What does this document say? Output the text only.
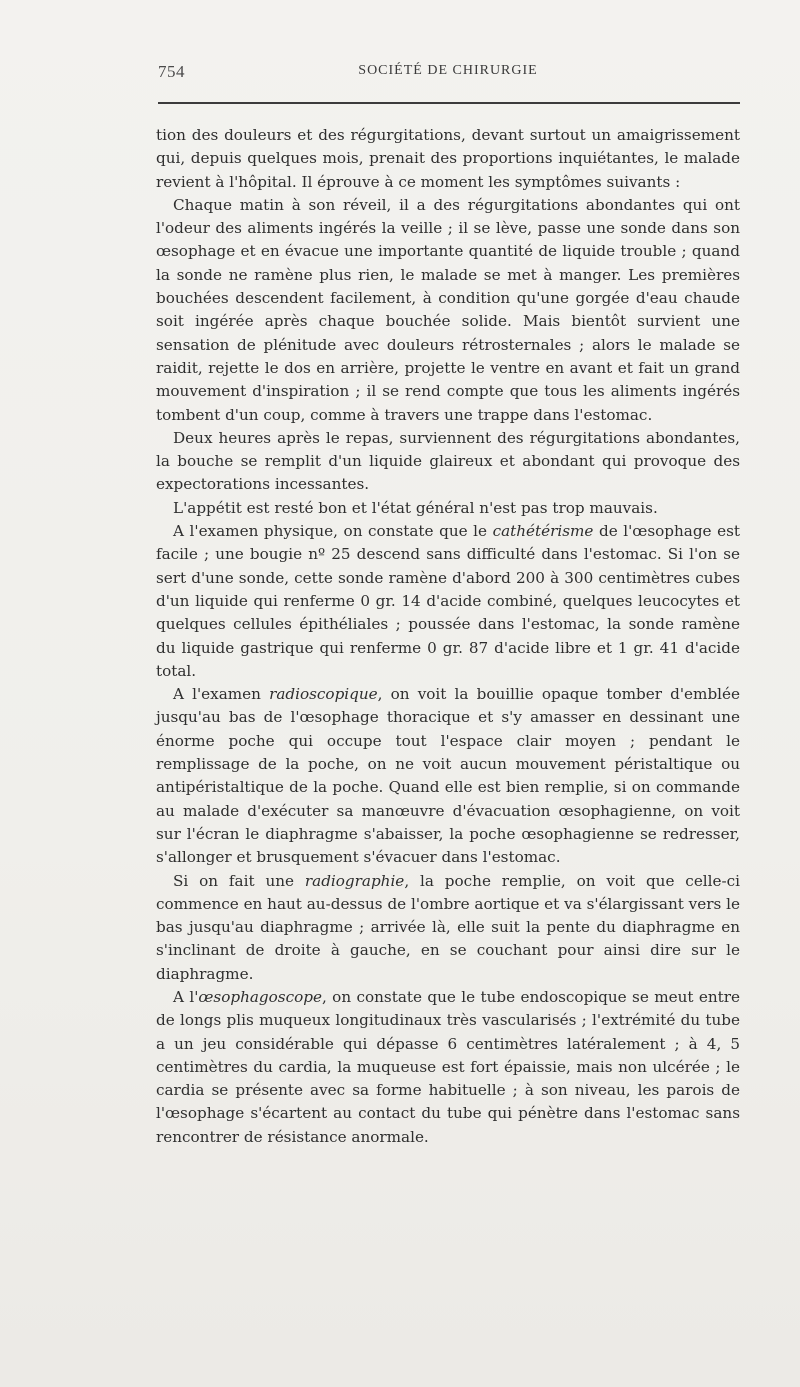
754	SOCIÉTÉ DE CHIRURGIE

tion des douleurs et des régurgitations, devant surtout un amaigrissement qui, depuis quelques mois, prenait des proportions inquiétantes, le malade revient à l'hôpital. Il éprouve à ce moment les symptômes suivants :

Chaque matin à son réveil, il a des régurgitations abondantes qui ont l'odeur des aliments ingérés la veille ; il se lève, passe une sonde dans son œsophage et en évacue une importante quantité de liquide trouble ; quand la sonde ne ramène plus rien, le malade se met à manger. Les premières bouchées descendent facilement, à condition qu'une gorgée d'eau chaude soit ingérée après chaque bouchée solide. Mais bientôt survient une sensation de plénitude avec douleurs rétrosternales ; alors le malade se raidit, rejette le dos en arrière, projette le ventre en avant et fait un grand mouvement d'inspiration ; il se rend compte que tous les aliments ingérés tombent d'un coup, comme à travers une trappe dans l'estomac.

Deux heures après le repas, surviennent des régurgitations abondantes, la bouche se remplit d'un liquide glaireux et abondant qui provoque des expectorations incessantes.

L'appétit est resté bon et l'état général n'est pas trop mauvais.

A l'examen physique, on constate que le cathétérisme de l'œsophage est facile ; une bougie nº 25 descend sans difficulté dans l'estomac. Si l'on se sert d'une sonde, cette sonde ramène d'abord 200 à 300 centimètres cubes d'un liquide qui renferme 0 gr. 14 d'acide combiné, quelques leucocytes et quelques cellules épithéliales ; poussée dans l'estomac, la sonde ramène du liquide gastrique qui renferme 0 gr. 87 d'acide libre et 1 gr. 41 d'acide total.

A l'examen radioscopique, on voit la bouillie opaque tomber d'emblée jusqu'au bas de l'œsophage thoracique et s'y amasser en dessinant une énorme poche qui occupe tout l'espace clair moyen ; pendant le remplissage de la poche, on ne voit aucun mouvement péristaltique ou antipéristaltique de la poche. Quand elle est bien remplie, si on commande au malade d'exécuter sa manœuvre d'évacuation œsophagienne, on voit sur l'écran le diaphragme s'abaisser, la poche œsophagienne se redresser, s'allonger et brusquement s'évacuer dans l'estomac.

Si on fait une radiographie, la poche remplie, on voit que celle-ci commence en haut au-dessus de l'ombre aortique et va s'élargissant vers le bas jusqu'au diaphragme ; arrivée là, elle suit la pente du diaphragme en s'inclinant de droite à gauche, en se couchant pour ainsi dire sur le diaphragme.

A l'œsophagoscope, on constate que le tube endoscopique se meut entre de longs plis muqueux longitudinaux très vascularisés ; l'extrémité du tube a un jeu considérable qui dépasse 6 centimètres latéralement ; à 4, 5 centimètres du cardia, la muqueuse est fort épaissie, mais non ulcérée ; le cardia se présente avec sa forme habituelle ; à son niveau, les parois de l'œsophage s'écartent au contact du tube qui pénètre dans l'estomac sans rencontrer de résistance anormale.
